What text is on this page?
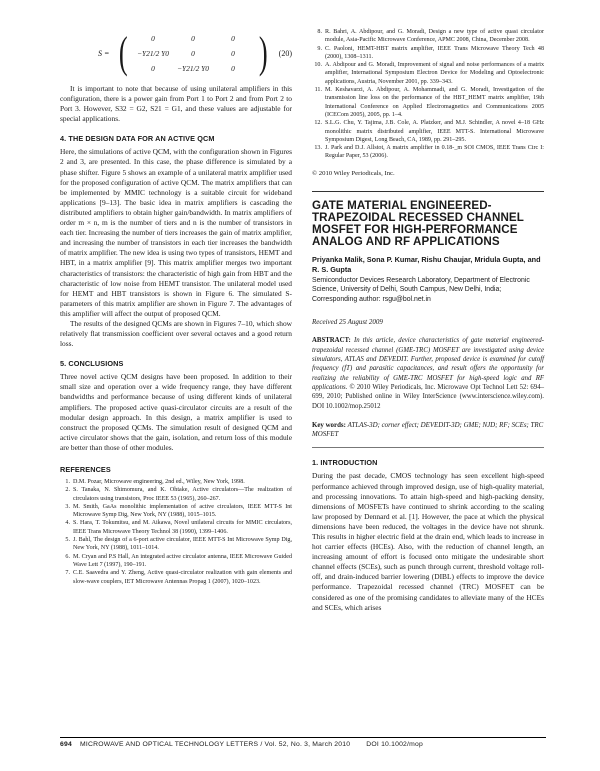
S = (	)
0	0	0
−Y21/2 Y0	0	0
0	−Y21/2 Y0	0
(20)

It is important to note that because of using unilateral amplifiers in this configuration, there is a power gain from Port 1 to Port 2 and from Port 2 to Port 3. However, S32 = G2, S21 = G1, and these values are adjustable for special applications.

4. THE DESIGN DATA FOR AN ACTIVE QCM

Here, the simulations of active QCM, with the configuration shown in Figures 2 and 3, are presented. In this case, the phase difference is simulated by a phase shifter. Figure 5 shows an example of a unilateral matrix amplifier used for the proposed configuration of active QCM. The matrix amplifiers that can be implemented by MMIC technology is a suitable circuit for wideband applications [9–13]. The basic idea in matrix amplifiers is cascading the distributed amplifiers to obtain higher gain/bandwidth. In matrix amplifiers of order m × n, m is the number of tiers and n is the number of transistors in each tier. Increasing the number of tiers increases the gain of matrix amplifier, and increasing the number of transistors in each tier increases the bandwidth of matrix amplifier. The new idea is using two types of transistors, HEMT and HBT, in a matrix amplifier [9]. This matrix amplifier merges two important characteristics of transistors: the characteristic of high gain from HBT and the characteristic of low noise from HEMT transistor. The unilateral model used for HEMT and HBT transistors is shown in Figure 6. The simulated S-parameters of this matrix amplifier are shown in Figure 7. The advantages of this amplifier will affect the output of proposed QCM.

The results of the designed QCMs are shown in Figures 7–10, which show relatively flat transmission coefficient over several octaves and a good return loss.

5. CONCLUSIONS

Three novel active QCM designs have been proposed. In addition to their small size and operation over a wide frequency range, they have different bandwidths and performance because of using different kinds of unilateral amplifiers. The proposed active quasi-circulator circuits are a result of the modular design approach. In this design, a matrix amplifier is used to construct the proposed QCMs. The simulation result of designed QCM and active circulator shows that the gain, isolation, and return loss of this module are better than those of other modules.

REFERENCES
1. D.M. Pozar, Microwave engineering, 2nd ed., Wiley, New York, 1998.
2. S. Tanaka, N. Shimomura, and K. Ohtake, Active circulators—The realization of circulators using transistors, Proc IEEE 53 (1965), 260–267.
3. M. Smith, GaAs monolithic implementation of active circulators, IEEE MTT-S Int Microwave Symp Dig, New York, NY (1988), 1015–1015.
4. S. Hara, T. Tokumitsu, and M. Aikawa, Novel unilateral circuits for MMIC circulators, IEEE Trans Microwave Theory Technol 38 (1990), 1399–1406.
5. J. Bahl, The design of a 6-port active circulator, IEEE MTT-S Int Microwave Symp Dig, New York, NY (1988), 1011–1014.
6. M. Cryan and P.S Hall, An integrated active circulator antenna, IEEE Microwave Guided Wave Lett 7 (1997), 190–191.
7. C.E. Saavedra and Y. Zheng, Active quasi-circulator realization with gain elements and slow-wave couplers, IET Microwave Antennas Propag 1 (2007), 1020–1023.
8. R. Bahri, A. Abdipour, and G. Moradi, Design a new type of active quasi circulator module, Asia-Pacific Microwave Conference, APMC 2008, China, December 2008.
9. C. Paoloni, HEMT-HBT matrix amplifier, IEEE Trans Microwave Theory Tech 48 (2000), 1308–1311.
10. A. Abdipour and G. Moradi, Improvement of signal and noise performances of a matrix amplifier, International Symposium Electron Device for Modeling and Optoelectronic applications, Austria, November 2001, pp. 339–343.
11. M. Keshavarzi, A. Abdipour, A. Mohammadi, and G. Moradi, Investigation of the transmission line loss on the performance of the HBT_HEMT matrix amplifier, 19th International Conference on Applied Electromagnetics and Communications 2005 (ICECom 2005), 2005, pp. 1–4.
12. S.L.G. Chu, Y. Tajima, J.B. Cole, A. Platzker, and M.J. Schindler, A novel 4–18 GHz monolithic matrix distributed amplifier, IEEE MTT-S. International Microwave Symposium Digest, Long Beach, CA, 1989, pp. 291–295.
13. J. Park and D.J. Allstot, A matrix amplifier in 0.18-_m SOI CMOS, IEEE Trans Circ I: Regular Paper, 53 (2006).

© 2010 Wiley Periodicals, Inc.

GATE MATERIAL ENGINEERED-TRAPEZOIDAL RECESSED CHANNEL MOSFET FOR HIGH-PERFORMANCE ANALOG AND RF APPLICATIONS
Priyanka Malik, Sona P. Kumar, Rishu Chaujar, Mridula Gupta, and R. S. Gupta
Semiconductor Devices Research Laboratory, Department of Electronic Science, University of Delhi, South Campus, New Delhi, India; Corresponding author: rsgu@bol.net.in
Received 25 August 2009
ABSTRACT: In this article, device characteristics of gate material engineered-trapezoidal recessed channel (GME-TRC) MOSFET are investigated using device simulators, ATLAS and DEVEDIT. Further, proposed device is examined for cutoff frequency (fT) and parasitic capacitances, and result offers the opportunity for realizing the reliability of GME-TRC MOSFET for high-speed logic and RF applications. © 2010 Wiley Periodicals, Inc. Microwave Opt Technol Lett 52: 694–699, 2010; Published online in Wiley InterScience (www.interscience.wiley.com). DOI 10.1002/mop.25012
Key words: ATLAS-3D; corner effect; DEVEDIT-3D; GME; NJD; RF; SCEs; TRC MOSFET
1. INTRODUCTION

During the past decade, CMOS technology has seen excellent high-speed performance achieved through improved design, use of high-quality material, and processing innovations. To attain high-speed and high-packing density, dimensions of MOSFETs have continued to shrink according to the scaling law proposed by Dennard et al. [1]. However, the pace at which the physical dimensions have been reduced, the voltages in the device have not shrunk. This results in higher electric field at the drain end, which leads to increase in hot carrier effects (HCEs). Also, with the reduction of channel length, an increasing amount of effort is focused onto mitigate the undesirable short channel effects (SCEs), such as punch through current, threshold voltage roll-off, and drain-induced barrier lowering (DIBL) effects to improve the device performance. Trapezoidal recessed channel (TRC) MOSFET can be considered as one of the promising candidates to alleviate many of the HCEs and SCEs, which arises

694 MICROWAVE AND OPTICAL TECHNOLOGY LETTERS / Vol. 52, No. 3, March 2010 DOI 10.1002/mop
